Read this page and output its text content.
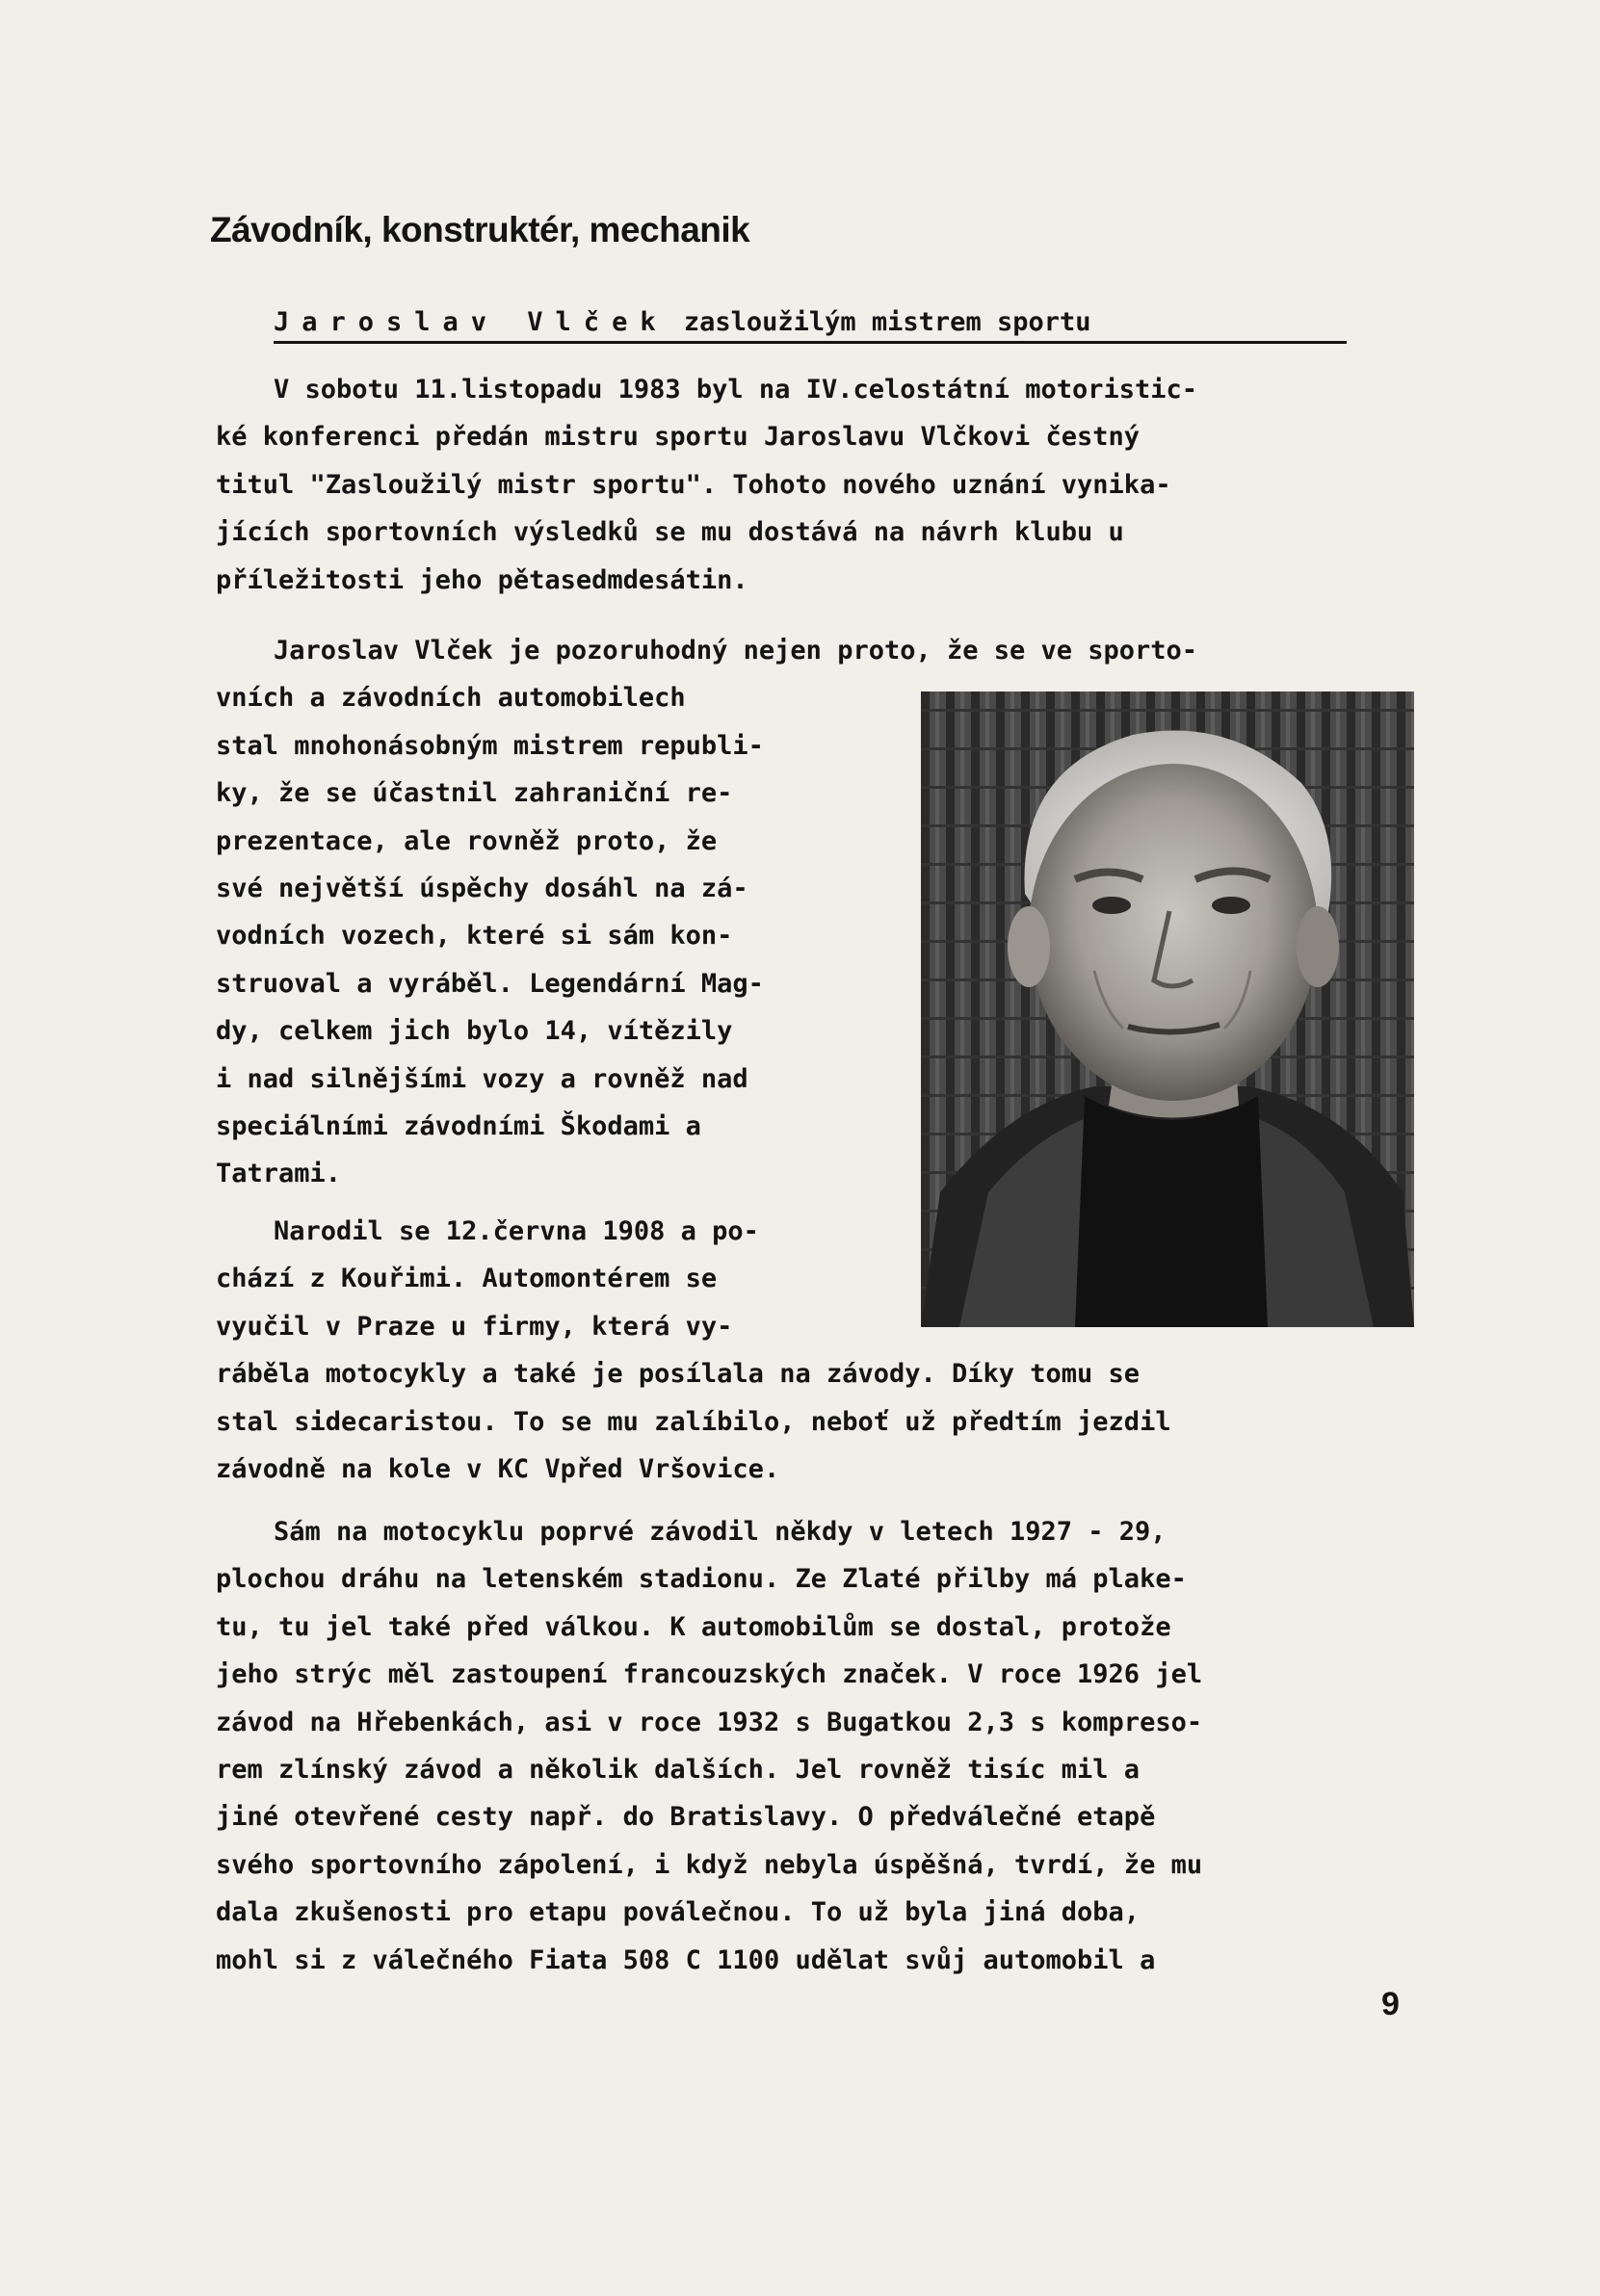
Závodník, konstruktér, mechanik
Jaroslav Vlček zasloužilým mistrem sportu
V sobotu 11.listopadu 1983 byl na IV.celostátní motoristic-
ké konferenci předán mistru sportu Jaroslavu Vlčkovi čestný
titul "Zasloužilý mistr sportu". Tohoto nového uznání vynika-
jících sportovních výsledků se mu dostává na návrh klubu u
příležitosti jeho pětasedmdesátin.
Jaroslav Vlček je pozoruhodný nejen proto, že se ve sporto-
vních a závodních automobilech
stal mnohonásobným mistrem republi-
ky, že se účastnil zahraniční re-
prezentace, ale rovněž proto, že
své největší úspěchy dosáhl na zá-
vodních vozech, které si sám kon-
struoval a vyráběl. Legendární Mag-
dy, celkem jich bylo 14, vítězily
i nad silnějšími vozy a rovněž nad
speciálními závodními Škodami a
Tatrami.
Narodil se 12.června 1908 a po-
chází z Kouřimi. Automontérem se
vyučil v Praze u firmy, která vy-
ráběla motocykly a také je posílala na závody. Díky tomu se
stal sidecaristou. To se mu zalíbilo, neboť už předtím jezdil
závodně na kole v KC Vpřed Vršovice.
Sám na motocyklu poprvé závodil někdy v letech 1927 - 29,
plochou dráhu na letenském stadionu. Ze Zlaté přilby má plake-
tu, tu jel také před válkou. K automobilům se dostal, protože
jeho strýc měl zastoupení francouzských značek. V roce 1926 jel
závod na Hřebenkách, asi v roce 1932 s Bugatkou 2,3 s kompreso-
rem zlínský závod a několik dalších. Jel rovněž tisíc mil a
jiné otevřené cesty např. do Bratislavy. O předválečné etapě
svého sportovního zápolení, i když nebyla úspěšná, tvrdí, že mu
dala zkušenosti pro etapu poválečnou. To už byla jiná doba,
mohl si z válečného Fiata 508 C 1100 udělat svůj automobil a
9
